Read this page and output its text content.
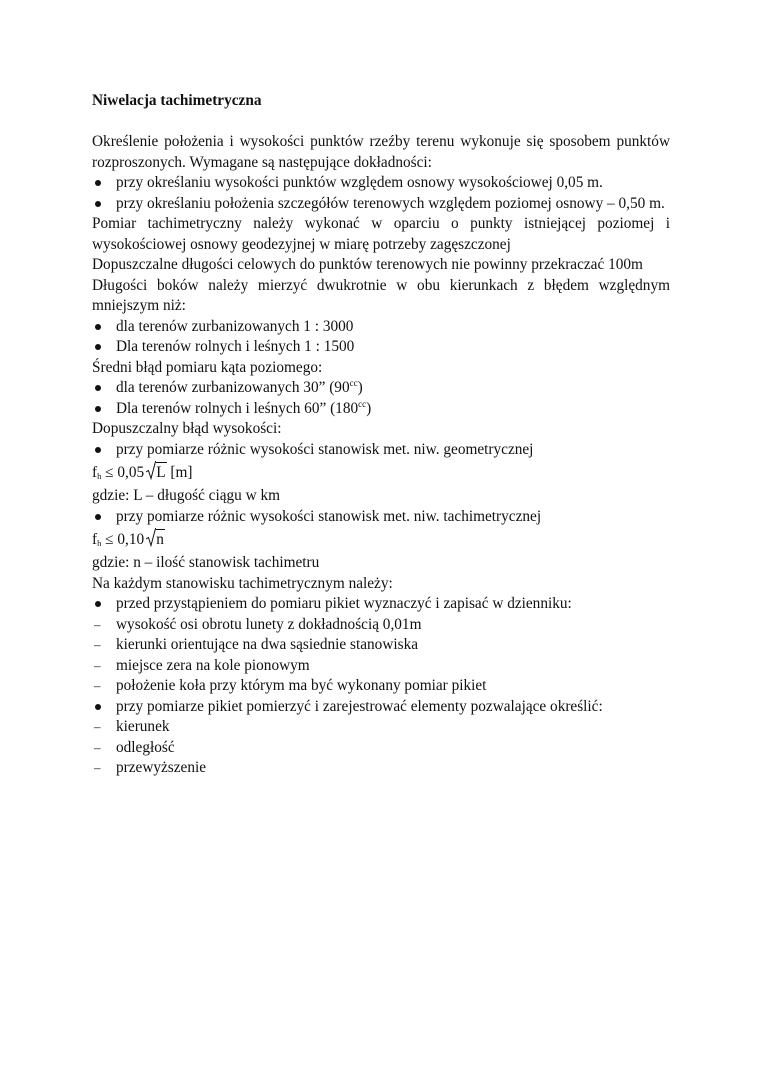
Niwelacja tachimetryczna

Określenie położenia i wysokości punktów rzeźby terenu wykonuje się sposobem punktów rozproszonych. Wymagane są następujące dokładności:

przy określaniu wysokości punktów względem osnowy wysokościowej 0,05 m.
przy określaniu położenia szczegółów terenowych względem poziomej osnowy – 0,50 m.

Pomiar tachimetryczny należy wykonać w oparciu o punkty istniejącej poziomej i wysokościowej osnowy geodezyjnej w miarę potrzeby zagęszczonej

Dopuszczalne długości celowych do punktów terenowych nie powinny przekraczać 100m

Długości boków należy mierzyć dwukrotnie w obu kierunkach z błędem względnym mniejszym niż:

dla terenów zurbanizowanych 1 : 3000
Dla terenów rolnych i leśnych 1 : 1500

Średni błąd pomiaru kąta poziomego:

dla terenów zurbanizowanych 30” $(90^{cc})$
Dla terenów rolnych i leśnych 60” $(180^{cc})$

Dopuszczalny błąd wysokości:

przy pomiarze różnic wysokości stanowisk met. niw. geometrycznej
$f_h \le 0,05$ L [m]

gdzie: L – długość ciągu w km

przy pomiarze różnic wysokości stanowisk met. niw. tachimetrycznej
$f_h \le 0,10$ n

gdzie: n – ilość stanowisk tachimetru

Na każdym stanowisku tachimetrycznym należy:

przed przystąpieniem do pomiaru pikiet wyznaczyć i zapisać w dzienniku:
– wysokość osi obrotu lunety z dokładnością 0,01m
– kierunki orientujące na dwa sąsiednie stanowiska
– miejsce zera na kole pionowym
– położenie koła przy którym ma być wykonany pomiar pikiet
przy pomiarze pikiet pomierzyć i zarejestrować elementy pozwalające określić:
– kierunek
– odległość
– przewyższenie
